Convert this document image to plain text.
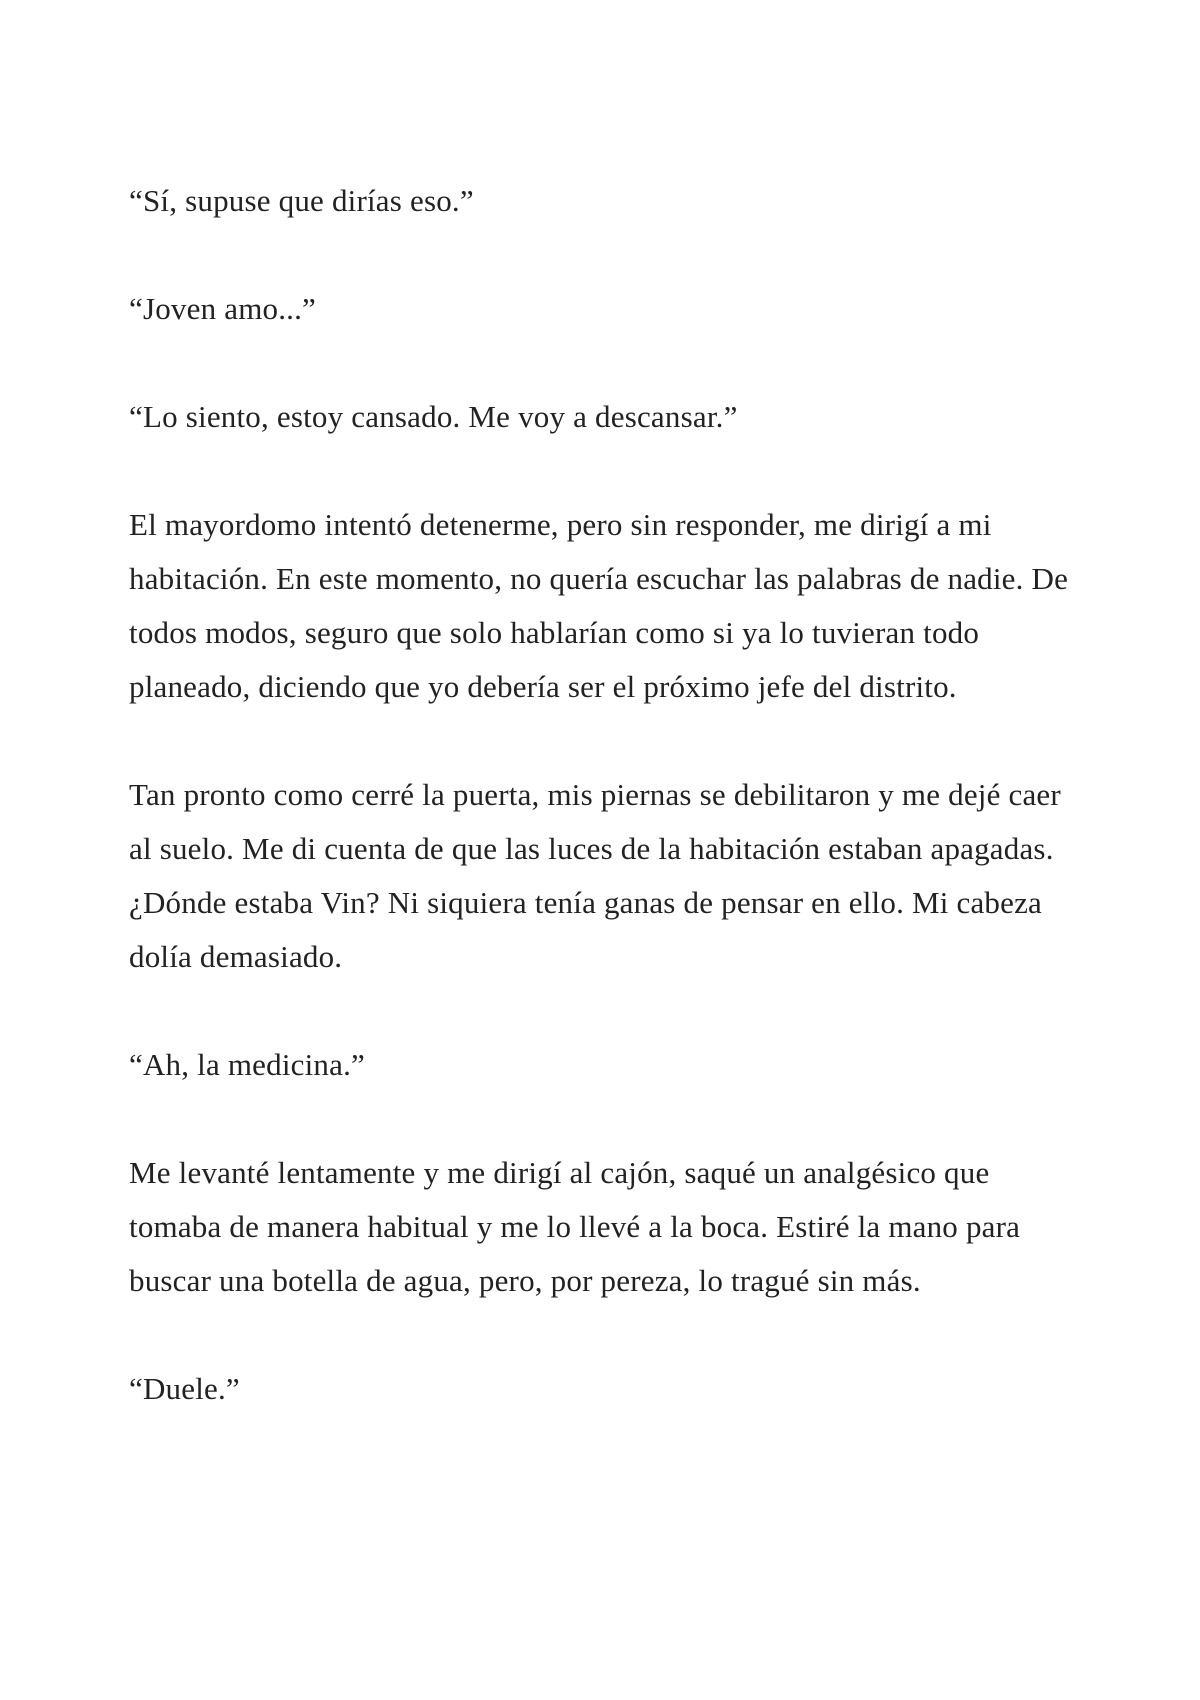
“Sí, supuse que dirías eso.”

“Joven amo...”

“Lo siento, estoy cansado. Me voy a descansar.”

El mayordomo intentó detenerme, pero sin responder, me dirigí a mi habitación. En este momento, no quería escuchar las palabras de nadie. De todos modos, seguro que solo hablarían como si ya lo tuvieran todo planeado, diciendo que yo debería ser el próximo jefe del distrito.

Tan pronto como cerré la puerta, mis piernas se debilitaron y me dejé caer al suelo. Me di cuenta de que las luces de la habitación estaban apagadas. ¿Dónde estaba Vin? Ni siquiera tenía ganas de pensar en ello. Mi cabeza dolía demasiado.

“Ah, la medicina.”

Me levanté lentamente y me dirigí al cajón, saqué un analgésico que tomaba de manera habitual y me lo llevé a la boca. Estiré la mano para buscar una botella de agua, pero, por pereza, lo tragué sin más.

“Duele.”
